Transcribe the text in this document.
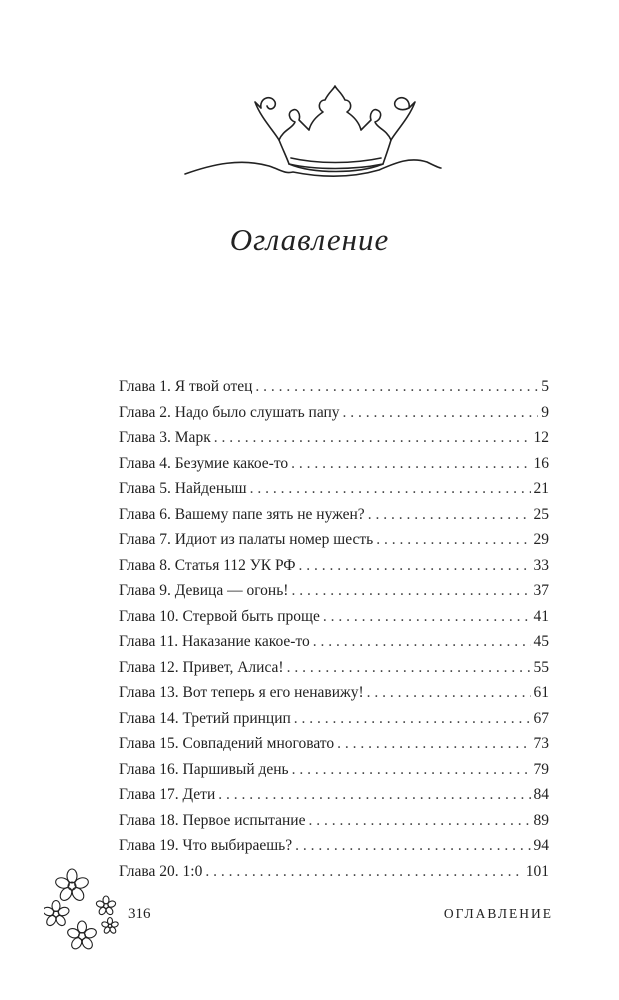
Оглавление
Глава 1. Я твой отец . . .	5
Глава 2. Надо было слушать папу . . .	9
Глава 3. Марк . . .	12
Глава 4. Безумие какое-то . . .	16
Глава 5. Найденыш . . .	21
Глава 6. Вашему папе зять не нужен? . . .	25
Глава 7. Идиот из палаты номер шесть . . .	29
Глава 8. Статья 112 УК РФ . . .	33
Глава 9. Девица — огонь! . . .	37
Глава 10. Стервой быть проще . . .	41
Глава 11. Наказание какое-то . . .	45
Глава 12. Привет, Алиса! . . .	55
Глава 13. Вот теперь я его ненавижу! . . .	61
Глава 14. Третий принцип . . .	67
Глава 15. Совпадений многовато . . .	73
Глава 16. Паршивый день . . .	79
Глава 17. Дети . . .	84
Глава 18. Первое испытание . . .	89
Глава 19. Что выбираешь? . . .	94
Глава 20. 1:0 . . .	101
316	ОГЛАВЛЕНИЕ
